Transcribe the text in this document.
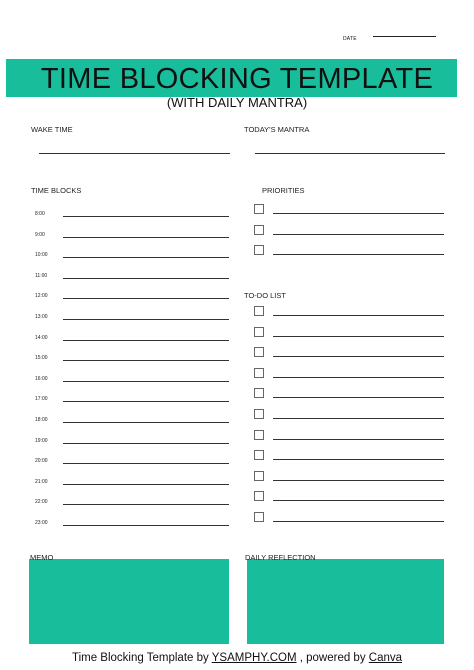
DATE
TIME BLOCKING TEMPLATE
(WITH DAILY MANTRA)
WAKE TIME	TODAY'S MANTRA
TIME BLOCKS
8:00
9:00
10:00
11:00
12:00
13:00
14:00
15:00
16:00
17:00
18:00
19:00
20:00
21:00
22:00
23:00
PRIORITIES
TO-DO LIST
MEMO	DAILY REFLECTION
Time Blocking Template by YSAMPHY.COM , powered by Canva
